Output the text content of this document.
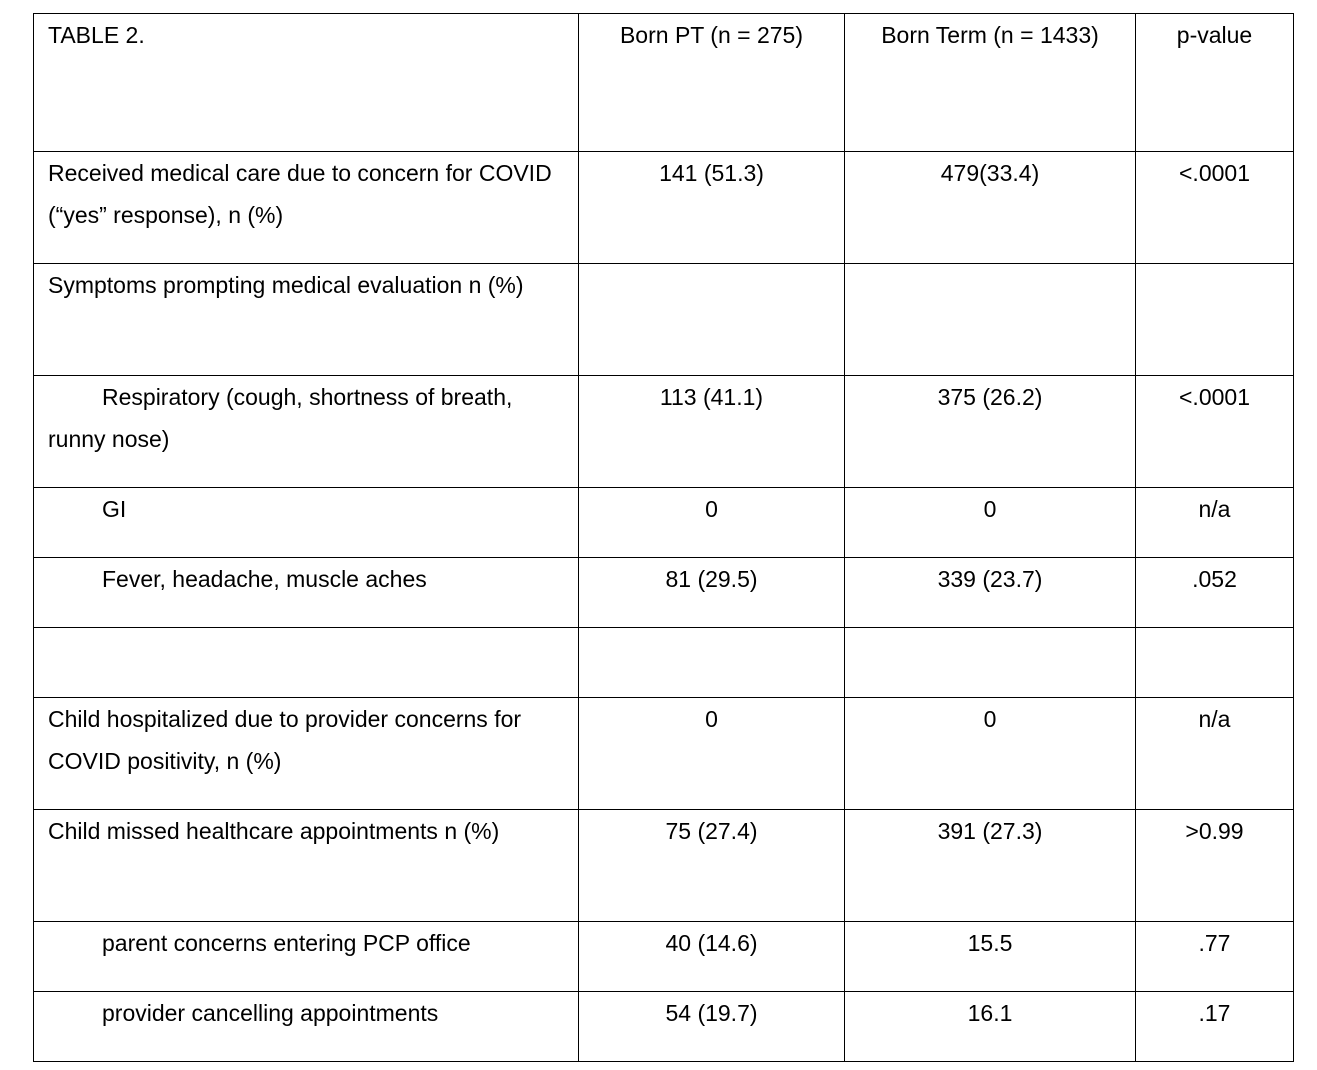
TABLE 2.	Born PT (n = 275)	Born Term (n = 1433)	p-value
Received medical care due to concern for COVID (“yes” response), n (%)	141 (51.3)	479(33.4)	<.0001
Symptoms prompting medical evaluation n (%)			
Respiratory (cough, shortness of breath, runny nose)	113 (41.1)	375 (26.2)	<.0001
GI	0	0	n/a
Fever, headache, muscle aches	81 (29.5)	339 (23.7)	.052

Child hospitalized due to provider concerns for COVID positivity, n (%)	0	0	n/a
Child missed healthcare appointments n (%)	75 (27.4)	391 (27.3)	>0.99
parent concerns entering PCP office	40 (14.6)	15.5	.77
provider cancelling appointments	54 (19.7)	16.1	.17
